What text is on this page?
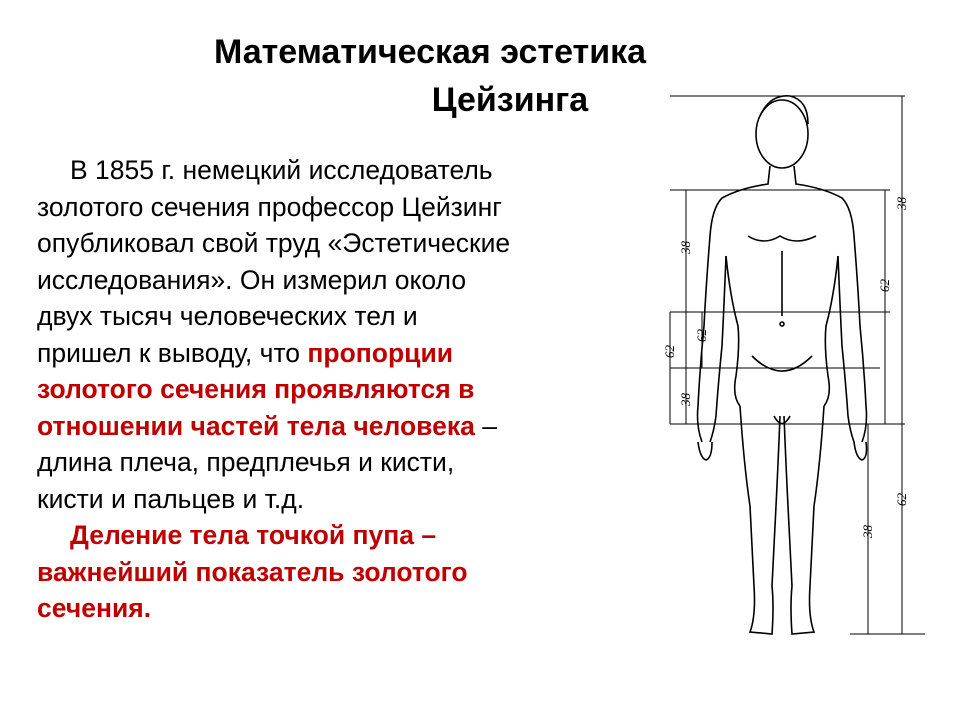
Математическая эстетика
Цейзинга
В 1855 г. немецкий исследователь
золотого сечения профессор Цейзинг
опубликовал свой труд «Эстетические
исследования». Он измерил около
двух тысяч человеческих тел и
пришел к выводу, что пропорции
золотого сечения проявляются в
отношении частей тела человека –
длина плеча, предплечья и кисти,
кисти и пальцев и т.д.
Деление тела точкой пупа –
важнейший показатель золотого
сечения.
38
62
62
38
38
62
62
38
